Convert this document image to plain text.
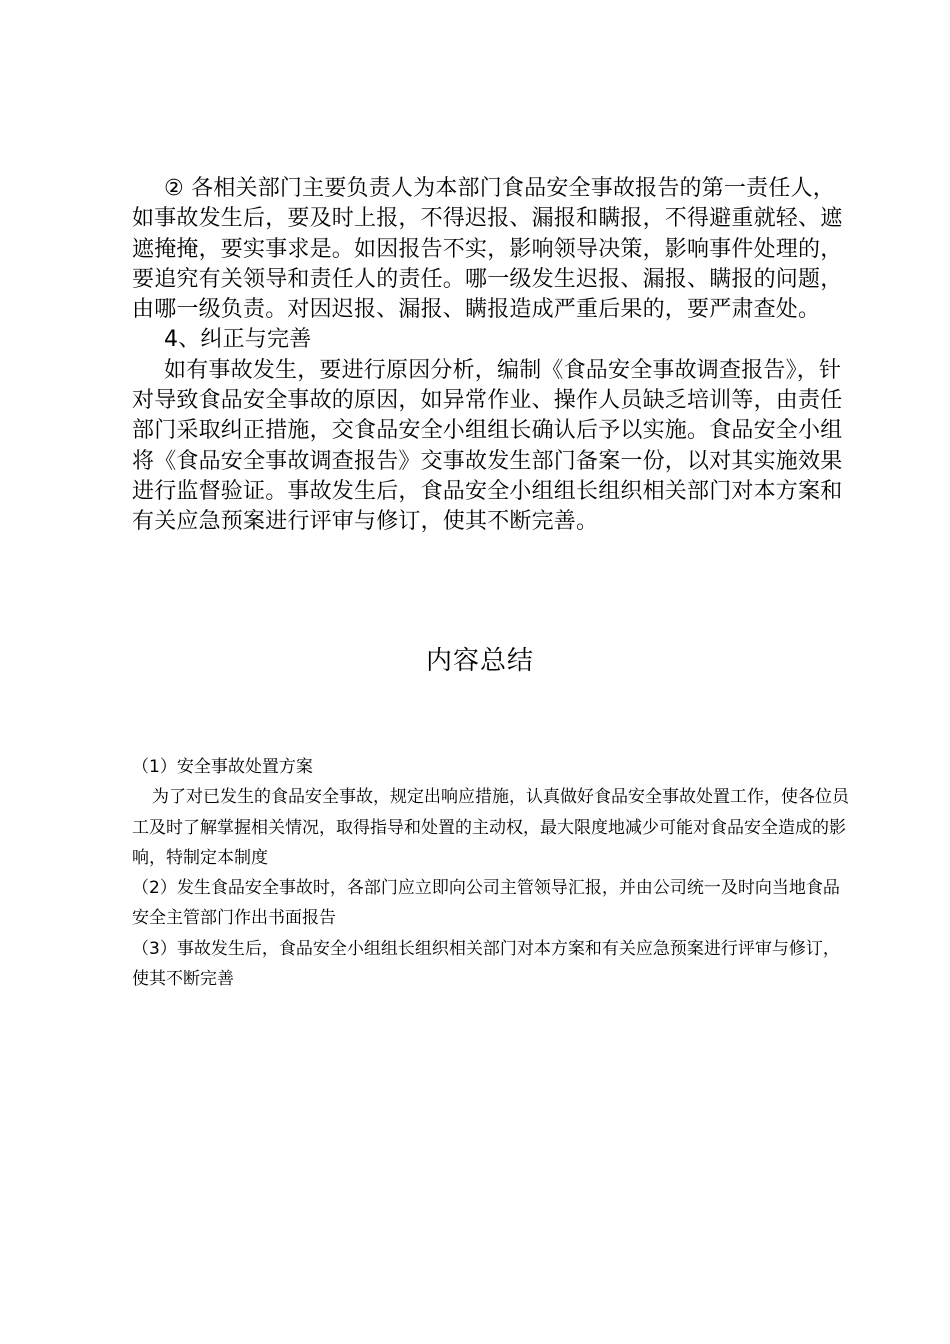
② 各相关部门主要负责人为本部门食品安全事故报告的第一责任人，如事故发生后，要及时上报，不得迟报、漏报和瞒报，不得避重就轻、遮遮掩掩，要实事求是。如因报告不实，影响领导决策，影响事件处理的，要追究有关领导和责任人的责任。哪一级发生迟报、漏报、瞒报的问题，由哪一级负责。对因迟报、漏报、瞒报造成严重后果的，要严肃查处。

4、纠正与完善

如有事故发生，要进行原因分析，编制《食品安全事故调查报告》，针对导致食品安全事故的原因，如异常作业、操作人员缺乏培训等，由责任部门采取纠正措施，交食品安全小组组长确认后予以实施。食品安全小组将《食品安全事故调查报告》交事故发生部门备案一份，以对其实施效果进行监督验证。事故发生后，食品安全小组组长组织相关部门对本方案和有关应急预案进行评审与修订，使其不断完善。

内容总结

（1）安全事故处置方案

为了对已发生的食品安全事故，规定出响应措施，认真做好食品安全事故处置工作，使各位员工及时了解掌握相关情况，取得指导和处置的主动权，最大限度地减少可能对食品安全造成的影响，特制定本制度

（2）发生食品安全事故时，各部门应立即向公司主管领导汇报，并由公司统一及时向当地食品安全主管部门作出书面报告

（3）事故发生后，食品安全小组组长组织相关部门对本方案和有关应急预案进行评审与修订，使其不断完善
